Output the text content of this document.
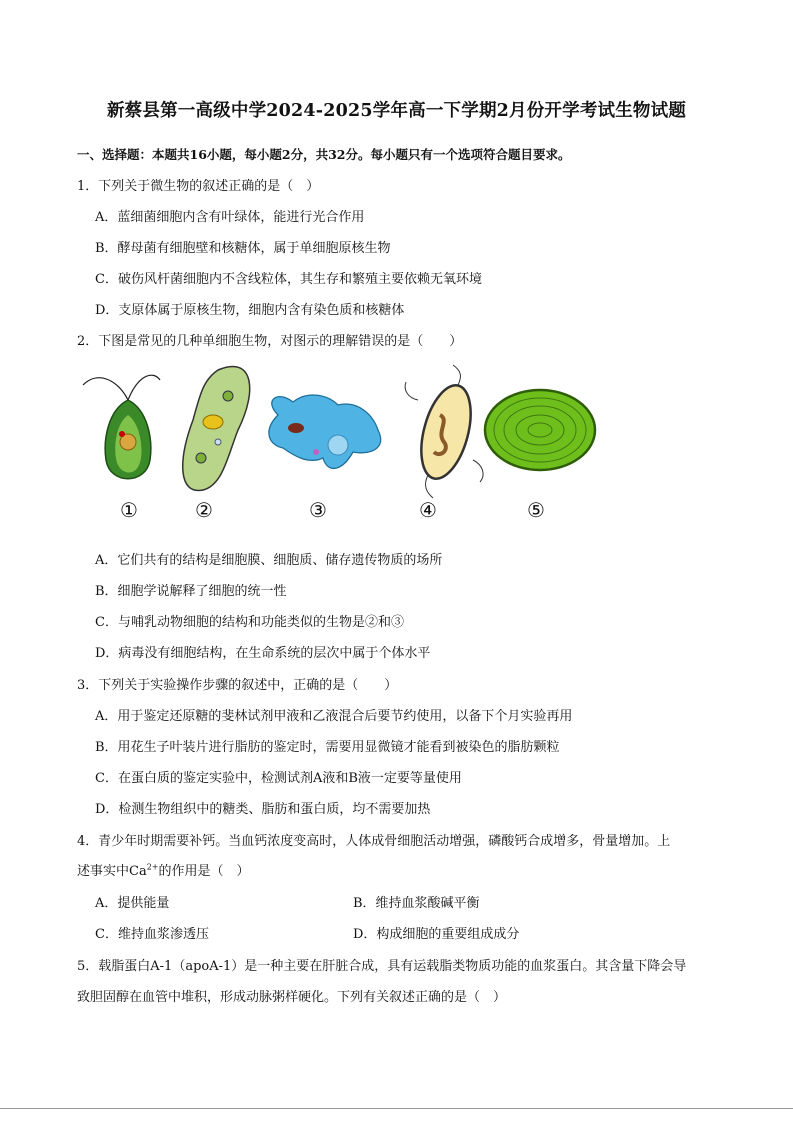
新蔡县第一高级中学2024-2025学年高一下学期2月份开学考试生物试题
一、选择题：本题共16小题，每小题2分，共32分。每小题只有一个选项符合题目要求。
1．下列关于微生物的叙述正确的是（　）
A．蓝细菌细胞内含有叶绿体，能进行光合作用
B．酵母菌有细胞壁和核糖体，属于单细胞原核生物
C．破伤风杆菌细胞内不含线粒体，其生存和繁殖主要依赖无氧环境
D．支原体属于原核生物，细胞内含有染色质和核糖体
2．下图是常见的几种单细胞生物，对图示的理解错误的是（　　）
①	②	③	④	⑤
A．它们共有的结构是细胞膜、细胞质、储存遗传物质的场所
B．细胞学说解释了细胞的统一性
C．与哺乳动物细胞的结构和功能类似的生物是②和③
D．病毒没有细胞结构，在生命系统的层次中属于个体水平
3．下列关于实验操作步骤的叙述中，正确的是（　　）
A．用于鉴定还原糖的斐林试剂甲液和乙液混合后要节约使用，以备下个月实验再用
B．用花生子叶装片进行脂肪的鉴定时，需要用显微镜才能看到被染色的脂肪颗粒
C．在蛋白质的鉴定实验中，检测试剂A液和B液一定要等量使用
D．检测生物组织中的糖类、脂肪和蛋白质，均不需要加热
4．青少年时期需要补钙。当血钙浓度变高时，人体成骨细胞活动增强，磷酸钙合成增多，骨量增加。上
述事实中$Ca^{2+}$的作用是（　）
A．提供能量	B．维持血浆酸碱平衡
C．维持血浆渗透压	D．构成细胞的重要组成成分
5．载脂蛋白A-1（apoA-1）是一种主要在肝脏合成，具有运载脂类物质功能的血浆蛋白。其含量下降会导
致胆固醇在血管中堆积，形成动脉粥样硬化。下列有关叙述正确的是（　）
